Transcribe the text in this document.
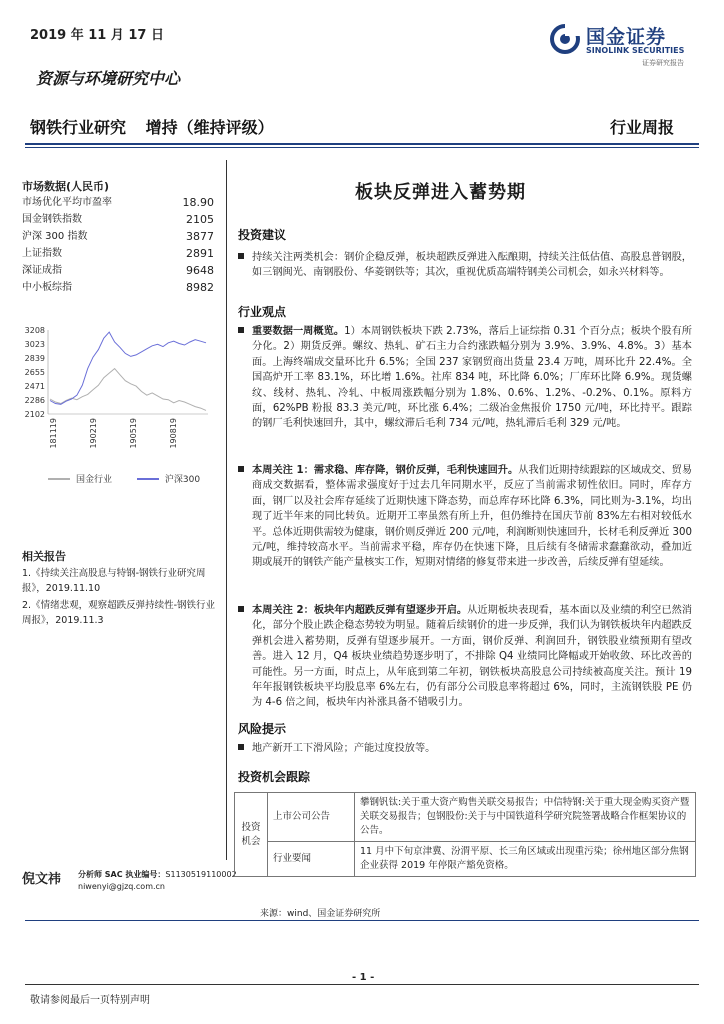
2019 年 11 月 17 日	国金证券
SINOLINK SECURITIES
证券研究报告
资源与环境研究中心
钢铁行业研究 增持（维持评级）	行业周报
市场数据(人民币)
市场优化平均市盈率	18.90
国金钢铁指数	2105
沪深 300 指数	3877
上证指数	2891
深证成指	9648
中小板综指	8982
3208
3023
2839
2655
2471
2286
2102
181119	190219	190519	190819
国金行业
	沪深300
相关报告

1.《持续关注高股息与特钢-钢铁行业研究周报》，2019.11.10

2.《情绪悲观，观察超跌反弹持续性-钢铁行业周报》，2019.11.3

倪文祎 分析师 SAC 执业编号：S1130519110002
niwenyi@gjzq.com.cn
板块反弹进入蓄势期
投资建议
持续关注两类机会：钢价企稳反弹，板块超跌反弹进入酝酿期，持续关注低估值、高股息普钢股，如三钢闽光、南钢股份、华菱钢铁等；其次，重视优质高端特钢美公司机会，如永兴材料等。
行业观点
重要数据一周概览。1）本周钢铁板块下跌 2.73%，落后上证综指 0.31 个百分点；板块个股有所分化。2）期货反弹。螺纹、热轧、矿石主力合约涨跌幅分别为 3.9%、3.9%、4.8%。3）基本面。上海终端成交量环比升 6.5%；全国 237 家钢贸商出货量 23.4 万吨，周环比升 22.4%。全国高炉开工率 83.1%，环比增 1.6%。社库 834 吨，环比降 6.0%；厂库环比降 6.9%。现货螺纹、线材、热轧、冷轧、中板周涨跌幅分别为 1.8%、0.6%、1.2%、-0.2%、0.1%。原料方面，62%PB 粉报 83.3 美元/吨，环比涨 6.4%；二级冶金焦报价 1750 元/吨，环比持平。跟踪的钢厂毛利快速回升，其中，螺纹滞后毛利 734 元/吨，热轧滞后毛利 329 元/吨。
本周关注 1：需求稳、库存降，钢价反弹，毛利快速回升。从我们近期持续跟踪的区域成交、贸易商成交数据看，整体需求强度好于过去几年同期水平，反应了当前需求韧性依旧。同时，库存方面，钢厂以及社会库存延续了近期快速下降态势，而总库存环比降 6.3%，同比则为-3.1%，均出现了近半年来的同比转负。近期开工率虽然有所上升，但仍维持在国庆节前 83%左右相对较低水平。总体近期供需较为健康，钢价则反弹近 200 元/吨，利润断则快速回升，长材毛利反弹近 300 元/吨，维持较高水平。当前需求平稳，库存仍在快速下降，且后续有冬储需求蠢蠢欲动，叠加近期或展开的钢铁产能产量核实工作，短期对情绪的修复带来进一步改善，后续反弹有望延续。
本周关注 2：板块年内超跌反弹有望逐步开启。从近期板块表现看，基本面以及业绩的利空已然消化，部分个股止跌企稳态势较为明显。随着后续钢价的进一步反弹，我们认为钢铁板块年内超跌反弹机会进入蓄势期，反弹有望逐步展开。一方面，钢价反弹、利润回升，钢铁股业绩预期有望改善。进入 12 月，Q4 板块业绩趋势逐步明了，不排除 Q4 业绩同比降幅或开始收敛、环比改善的可能性。另一方面，时点上，从年底到第二年初，钢铁板块高股息公司持续被高度关注。预计 19 年年报钢铁板块平均股息率 6%左右，仍有部分公司股息率将超过 6%，同时，主流钢铁股 PE 仍为 4-6 倍之间，板块年内补涨具备不错吸引力。
风险提示
地产新开工下滑风险；产能过度投放等。
投资机会跟踪
投资机会	上市公司公告	攀钢钒钛:关于重大资产购售关联交易报告；中信特钢:关于重大现金购买资产暨关联交易报告；包钢股份:关于与中国铁道科学研究院签署战略合作框架协议的公告。
	行业要闻	11 月中下旬京津冀、汾渭平原、长三角区域或出现重污染；徐州地区部分焦钢企业获得 2019 年停限产豁免资格。
来源：wind、国金证券研究所
- 1 -
敬请参阅最后一页特别声明
